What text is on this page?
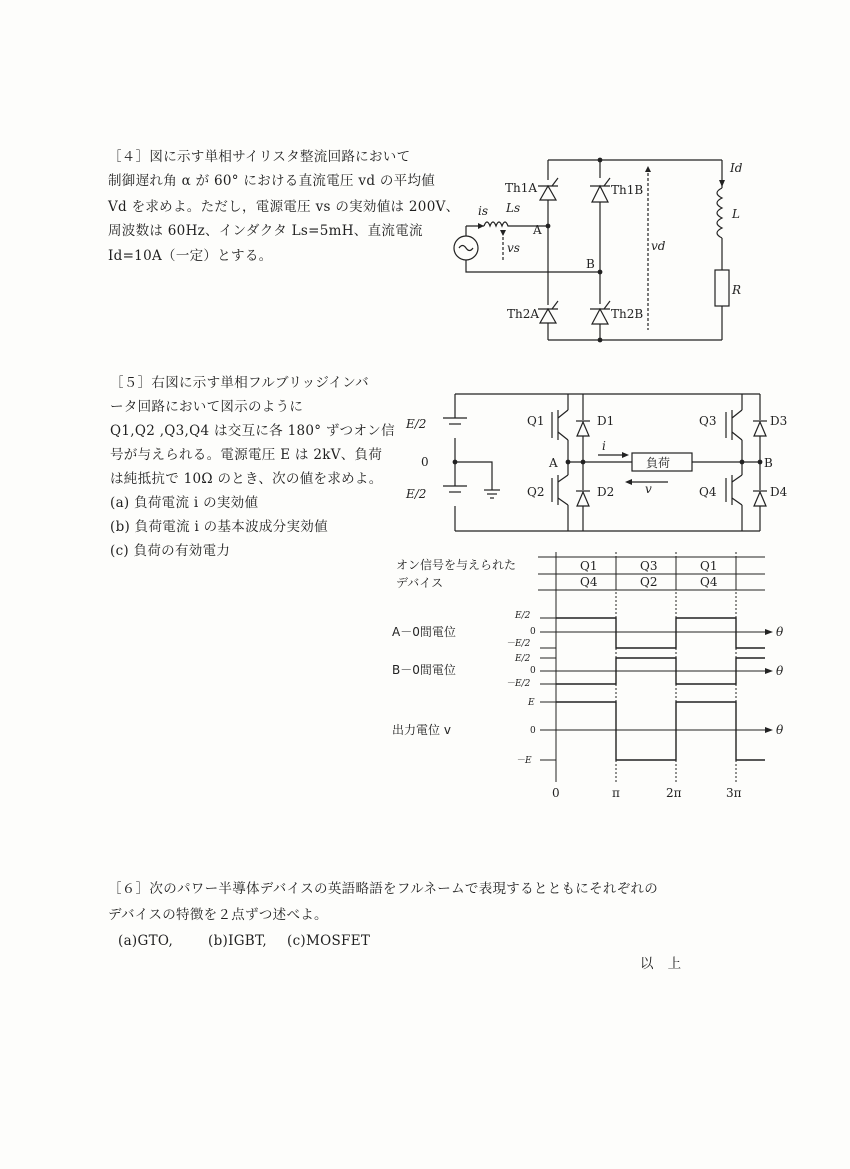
［４］図に示す単相サイリスタ整流回路において
制御遅れ角 α が 60° における直流電圧 vd の平均値
Vd を求めよ。ただし，電源電圧 vs の実効値は 200V、
周波数は 60Hz、インダクタ Ls=5mH、直流電流
Id=10A（一定）とする。
［５］右図に示す単相フルブリッジインバ
ータ回路において図示のように
Q1,Q2 ,Q3,Q4 は交互に各 180° ずつオン信
号が与えられる。電源電圧 E は 2kV、負荷
は純抵抗で 10Ω のとき、次の値を求めよ。
(a) 負荷電流 i の実効値
(b) 負荷電流 i の基本波成分実効値
(c) 負荷の有効電力
［６］次のパワー半導体デバイスの英語略語をフルネームで表現するとともにそれぞれの
デバイスの特徴を２点ずつ述べよ。
(a)GTO,	(b)IGBT, (c)MOSFET
以　上
Th1A	Th1B
Th2A	Th2B
is Ls
vs
A
B
vd
Id
L
R
E/2
0
E/2
Q1
Q2
Q3
Q4
D1
D2
D3
D4
A	B
i
v
負荷
オン信号を与えられた
デバイス
Q1	Q3	Q1
Q4	Q2	Q4
A－0間電位
B－0間電位
出力電位 v
E/2
0
－E/2
E/2
0
－E/2
E
0
－E
θ
θ
θ
0	π	2π	3π
